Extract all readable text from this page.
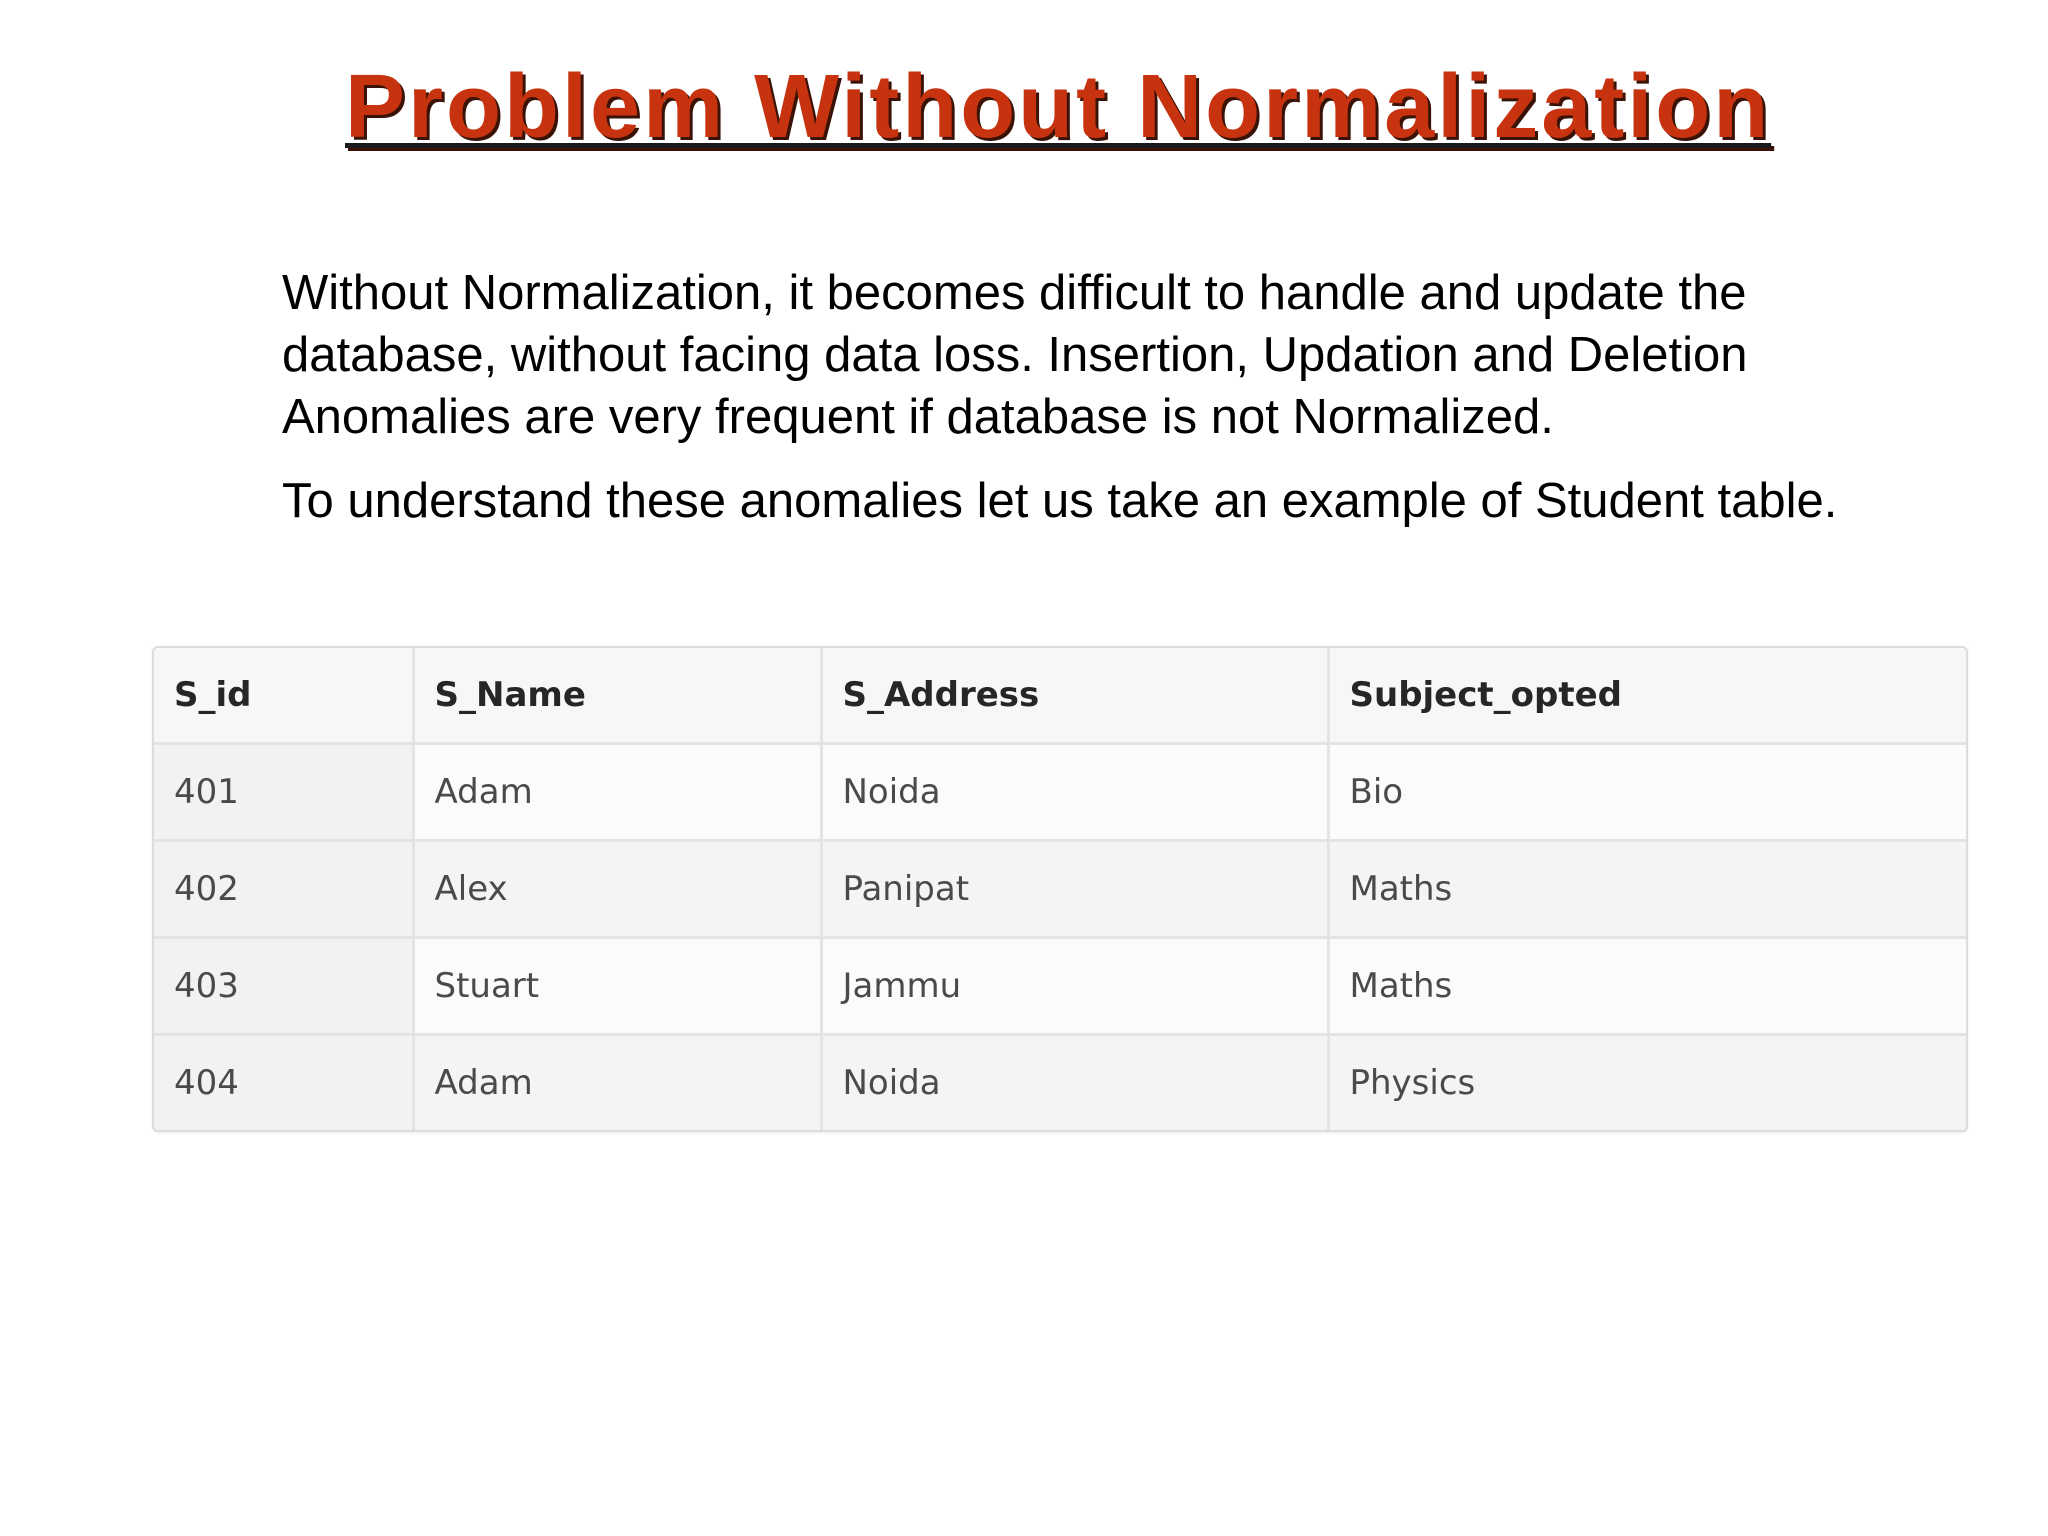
Problem Without Normalization

Without Normalization, it becomes difficult to handle and update the database, without facing data loss. Insertion, Updation and Deletion Anomalies are very frequent if database is not Normalized.

To understand these anomalies let us take an example of Student table.

S_id	S_Name	S_Address	Subject_opted
401	Adam	Noida	Bio
402	Alex	Panipat	Maths
403	Stuart	Jammu	Maths
404	Adam	Noida	Physics
